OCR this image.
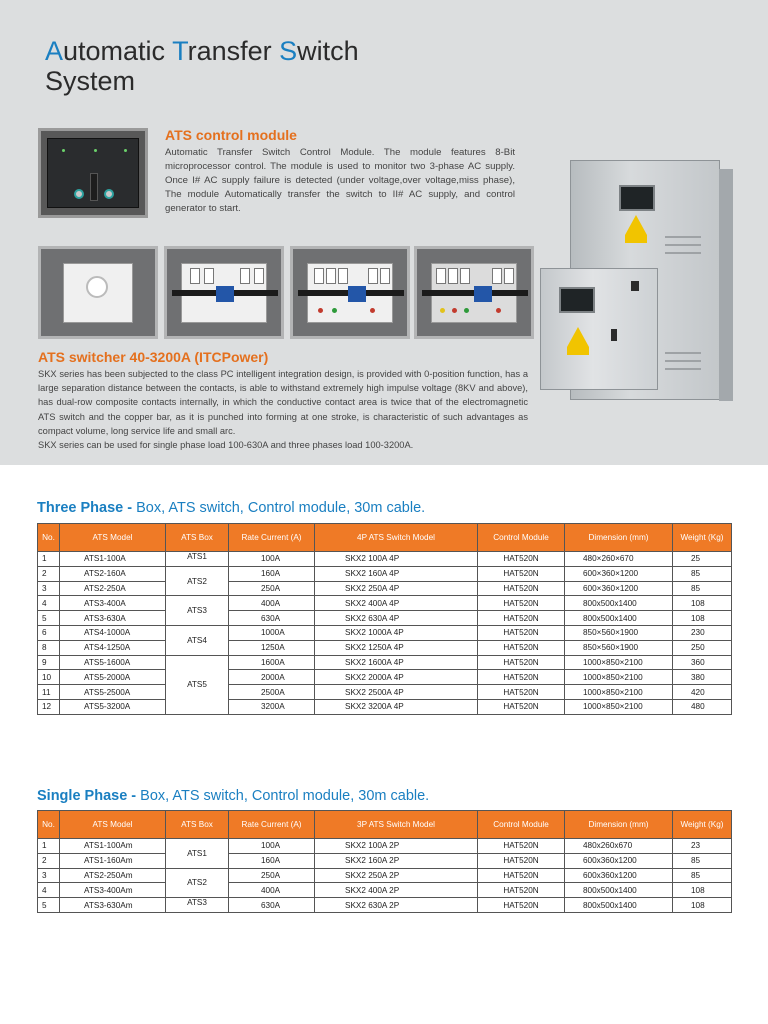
Automatic Transfer Switch
System
ATS control module

Automatic Transfer Switch Control Module. The module features 8-Bit microprocessor control. The module is used to monitor two 3-phase AC supply. Once I# AC supply failure is detected (under voltage,over voltage,miss phase), The module Automatically transfer the switch to II# AC supply, and control generator to start.

ATS switcher 40-3200A (ITCPower)

SKX series has been subjected to the class PC intelligent integration design, is provided with 0-position function, has a large separation distance between the contacts, is able to withstand extremely high impulse voltage (8KV and above), has dual-row composite contacts internally, in which the conductive contact area is twice that of the electromagnetic ATS switch and the copper bar, as it is punched into forming at one stroke, is characteristic of such advantages as compact volume, long service life and small arc.
SKX series can be used for single phase load 100-630A and three phases load 100-3200A.

Three Phase - Box, ATS switch, Control module, 30m cable.
No.	ATS Model	ATS Box	Rate Current (A)	4P ATS Switch Model	Control Module	Dimension (mm)	Weight (Kg)
1	ATS1-100A	ATS1	100A	SKX2 100A 4P	HAT520N	480×260×670	25
2	ATS2-160A	ATS2	160A	SKX2 160A 4P	HAT520N	600×360×1200	85
3	ATS2-250A		250A	SKX2 250A 4P	HAT520N	600×360×1200	85
4	ATS3-400A	ATS3	400A	SKX2 400A 4P	HAT520N	800x500x1400	108
5	ATS3-630A		630A	SKX2 630A 4P	HAT520N	800x500x1400	108
6	ATS4-1000A	ATS4	1000A	SKX2 1000A 4P	HAT520N	850×560×1900	230
8	ATS4-1250A		1250A	SKX2 1250A 4P	HAT520N	850×560×1900	250
9	ATS5-1600A	ATS5	1600A	SKX2 1600A 4P	HAT520N	1000×850×2100	360
10	ATS5-2000A		2000A	SKX2 2000A 4P	HAT520N	1000×850×2100	380
11	ATS5-2500A		2500A	SKX2 2500A 4P	HAT520N	1000×850×2100	420
12	ATS5-3200A		3200A	SKX2 3200A 4P	HAT520N	1000×850×2100	480
Single Phase - Box, ATS switch, Control module, 30m cable.
No.	ATS Model	ATS Box	Rate Current (A)	3P ATS Switch Model	Control Module	Dimension (mm)	Weight (Kg)
1	ATS1-100Am	ATS1	100A	SKX2 100A 2P	HAT520N	480x260x670	23
2	ATS1-160Am		160A	SKX2 160A 2P	HAT520N	600x360x1200	85
3	ATS2-250Am	ATS2	250A	SKX2 250A 2P	HAT520N	600x360x1200	85
4	ATS3-400Am		400A	SKX2 400A 2P	HAT520N	800x500x1400	108
5	ATS3-630Am	ATS3	630A	SKX2 630A 2P	HAT520N	800x500x1400	108
